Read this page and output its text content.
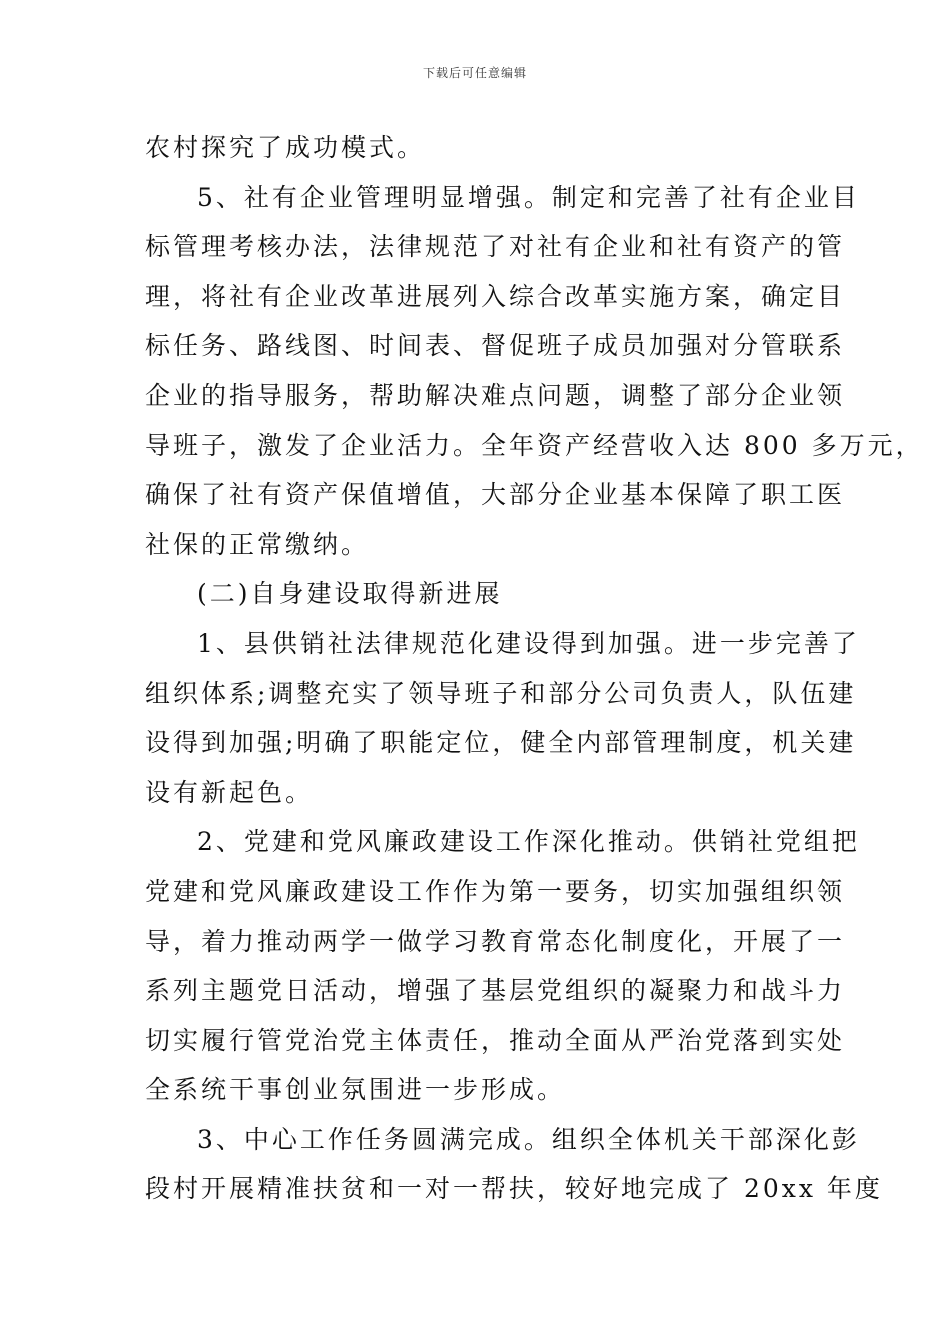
下载后可任意编辑
农村探究了成功模式。
5、社有企业管理明显增强。制定和完善了社有企业目
标管理考核办法，法律规范了对社有企业和社有资产的管
理，将社有企业改革进展列入综合改革实施方案，确定目
标任务、路线图、时间表、督促班子成员加强对分管联系
企业的指导服务，帮助解决难点问题，调整了部分企业领
导班子，激发了企业活力。全年资产经营收入达 800 多万元，
确保了社有资产保值增值，大部分企业基本保障了职工医
社保的正常缴纳。
(二)自身建设取得新进展
1、县供销社法律规范化建设得到加强。进一步完善了
组织体系;调整充实了领导班子和部分公司负责人，队伍建
设得到加强;明确了职能定位，健全内部管理制度，机关建
设有新起色。
2、党建和党风廉政建设工作深化推动。供销社党组把
党建和党风廉政建设工作作为第一要务，切实加强组织领
导，着力推动两学一做学习教育常态化制度化，开展了一
系列主题党日活动，增强了基层党组织的凝聚力和战斗力
切实履行管党治党主体责任，推动全面从严治党落到实处
全系统干事创业氛围进一步形成。
3、中心工作任务圆满完成。组织全体机关干部深化彭
段村开展精准扶贫和一对一帮扶，较好地完成了 20xx 年度
